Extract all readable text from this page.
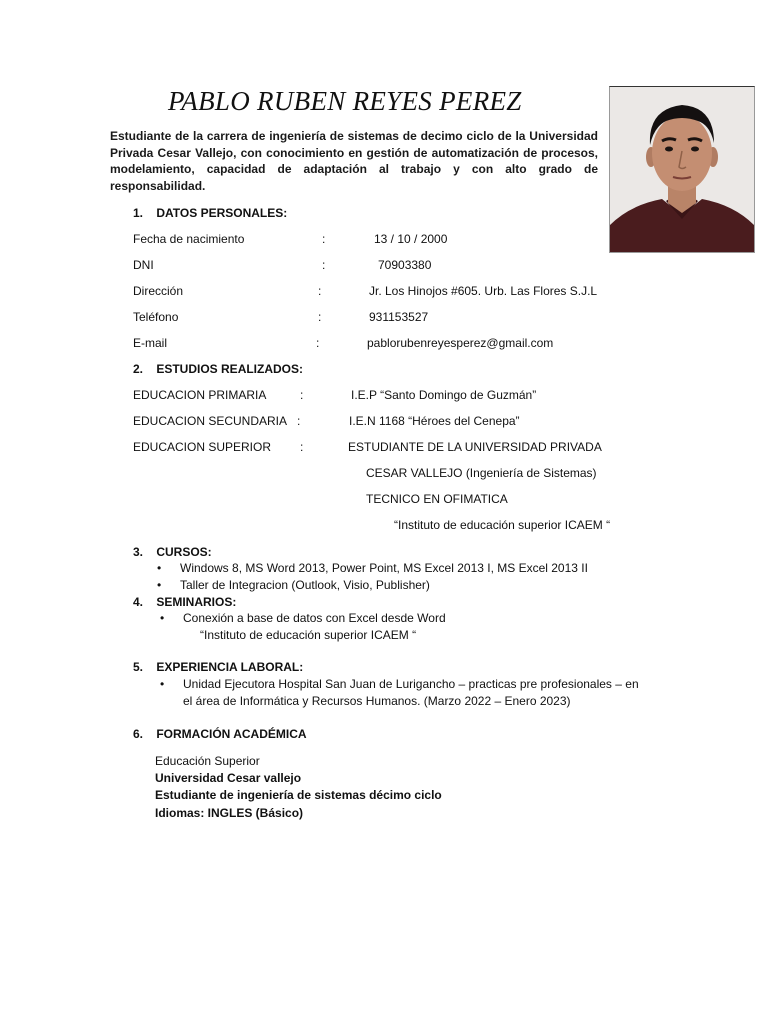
PABLO RUBEN REYES PEREZ
Estudiante de la carrera de ingeniería de sistemas de decimo ciclo de la Universidad Privada Cesar Vallejo, con conocimiento en gestión de automatización de procesos, modelamiento, capacidad de adaptación al trabajo y con alto grado de responsabilidad.
1.    DATOS PERSONALES:
Fecha de nacimiento	:	13 / 10 / 2000
DNI	:	70903380
Dirección	:	Jr. Los Hinojos #605. Urb. Las Flores S.J.L
Teléfono	:	931153527
E-mail	:	pablorubenreyesperez@gmail.com
2.    ESTUDIOS REALIZADOS:
EDUCACION PRIMARIA	:	I.E.P “Santo Domingo de Guzmán”
EDUCACION SECUNDARIA :	I.E.N 1168 “Héroes del Cenepa”
EDUCACION SUPERIOR :	ESTUDIANTE DE LA UNIVERSIDAD PRIVADA
CESAR VALLEJO (Ingeniería de Sistemas)
TECNICO EN OFIMATICA
“Instituto de educación superior ICAEM “
3.    CURSOS:
• Windows 8, MS Word 2013, Power Point, MS Excel 2013 I, MS Excel 2013 II
• Taller de Integracion (Outlook, Visio, Publisher)
4.    SEMINARIOS:
• Conexión a base de datos con Excel desde Word
“Instituto de educación superior ICAEM “
5.    EXPERIENCIA LABORAL:
• Unidad Ejecutora Hospital San Juan de Lurigancho – practicas pre profesionales – en
el área de Informática y Recursos Humanos. (Marzo 2022 – Enero 2023)
6.    FORMACIÓN ACADÉMICA
Educación Superior
Universidad Cesar vallejo
Estudiante de ingeniería de sistemas décimo ciclo
Idiomas: INGLES (Básico)
